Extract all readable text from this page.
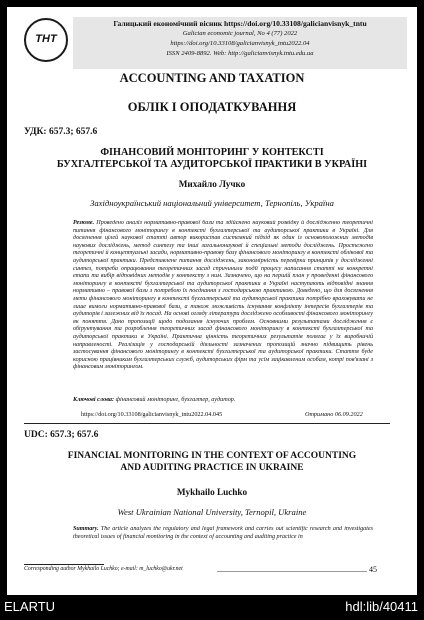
ТНТ
Галицький економічний вісник https://doi.org/10.33108/galicianvisnyk_tntu
Galician economic journal, No 4 (77) 2022
https://doi.org/10.33108/galicianvisnyk_tntu2022.04
ISSN 2409-8892. Web: http://galicianvisnyk.tntu.edu.ua
ACCOUNTING AND TAXATION
ОБЛІК І ОПОДАТКУВАННЯ
УДК: 657.3; 657.6
ФІНАНСОВИЙ МОНІТОРИНГ У КОНТЕКСТІ
БУХГАЛТЕРСЬКОЇ ТА АУДИТОРСЬКОЇ ПРАКТИКИ В УКРАЇНІ
Михайло Лучко
Західноукраїнський національний університет, Тернопіль, Україна
Резюме. Проведено аналіз нормативно-правової бази та здійснено науковий розвідку й дослідженно теоретичні питання фінансового моніторингу в контексті бухгалтерської та аудиторської практики в Україні. Для досягнення цілей наукової статті автор використав системний підхід як один із основоположних методів наукових досліджень, метод синтезу та інші загальнонаукові й спеціальні методи досліджень. Простежено теоретичні й концептуальні засади, нормативно-правову базу фінансового моніторингу в контексті облікової та аудиторської практики. Представлене питання досліджень, закономірність перевірки принципів у дослідженні синтез, потреба опрацювання теоретичних засад спричинили події процесу написання статті на конкретні етапи та вибір відповідних методів у контексту з ним. Зазначено, що на першій план у проведенні фінансового моніторингу в контексті бухгалтерської та аудиторської практики в Україні наступають відповідні знання нормативно – правової бази з потребою їх поєднання з господарською практикою. Доведено, що для досягнення мети фінансового моніторингу в контексті бухгалтерської та аудиторської практики потрібно враховувати не лише вимоги нормативно-правової бази, а також можливість існування конфлікту інтересів бухгалтерів та аудиторів і залежних від їх посад. На основі огляду літератури досліджено особливості фінансового моніторингу як поняття. Дано пропозиції щодо подолання існуючих проблем. Основними результатами дослідження є обґрунтування та розроблення теоретичних засад фінансового моніторингу в контексті бухгалтерської та аудиторської практики в Україні. Практична цінність теоретичних результатів полягає у їх виробничій направленості. Реалізація у господарській діяльності зазначених пропозицій значно підвищить рівень застосування фінансового моніторингу в контексті бухгалтерської та аудиторської практики. Стаття буде корисною працівникам бухгалтерських служб, аудиторських фірм та усім зацікавленим особам, котрі пов'язані з фінансовим моніторингом.
Ключові слова: фінансовий моніторинг, бухгалтер, аудитор.
https://doi.org/10.33108/galicianvisnyk_tntu2022.04.045	Отримано 06.09.2022
UDC: 657.3; 657.6
FINANCIAL MONITORING IN THE CONTEXT OF ACCOUNTING
AND AUDITING PRACTICE IN UKRAINE
Mykhailo Luchko
West Ukrainian National University, Ternopil, Ukraine
Summary. The article analyzes the regulatory and legal framework and carries out scientific research and investigates theoretical issues of financial monitoring in the context of accounting and auditing practice in
Corresponding author Mykhailo Luchko; e-mail: m_luchko@ukr.net	45
ELARTU	hdl:lib/40411
